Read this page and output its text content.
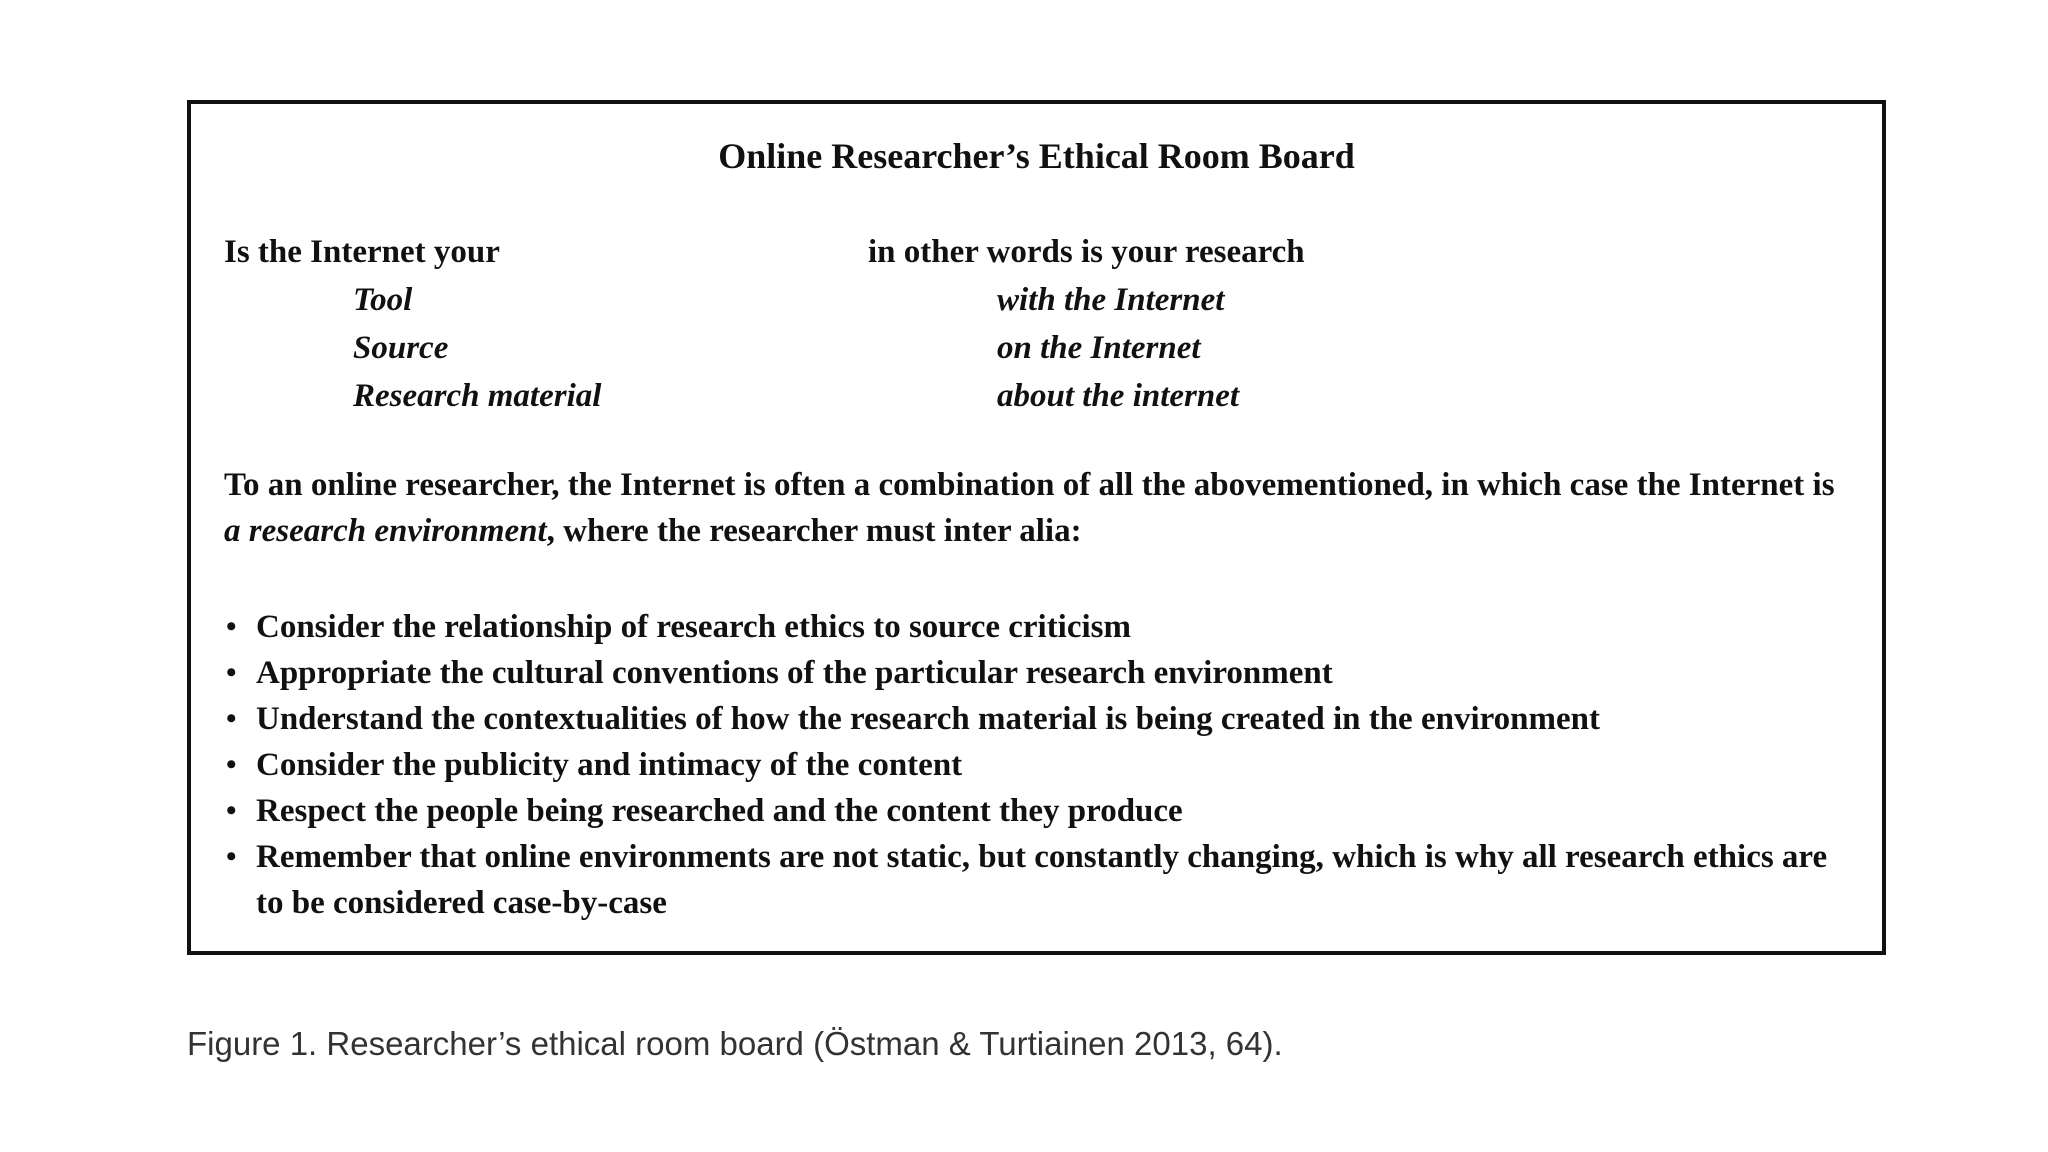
Online Researcher’s Ethical Room Board
Is the Internet your
Tool
Source
Research material
in other words is your research
with the Internet
on the Internet
about the internet

To an online researcher, the Internet is often a combination of all the abovementioned, in which case the Internet is a research environment, where the researcher must inter alia:

• Consider the relationship of research ethics to source criticism
• Appropriate the cultural conventions of the particular research environment
• Understand the contextualities of how the research material is being created in the environment
• Consider the publicity and intimacy of the content
• Respect the people being researched and the content they produce
• Remember that online environments are not static, but constantly changing, which is why all research ethics are to be considered case-by-case
Figure 1. Researcher’s ethical room board (Östman & Turtiainen 2013, 64).
